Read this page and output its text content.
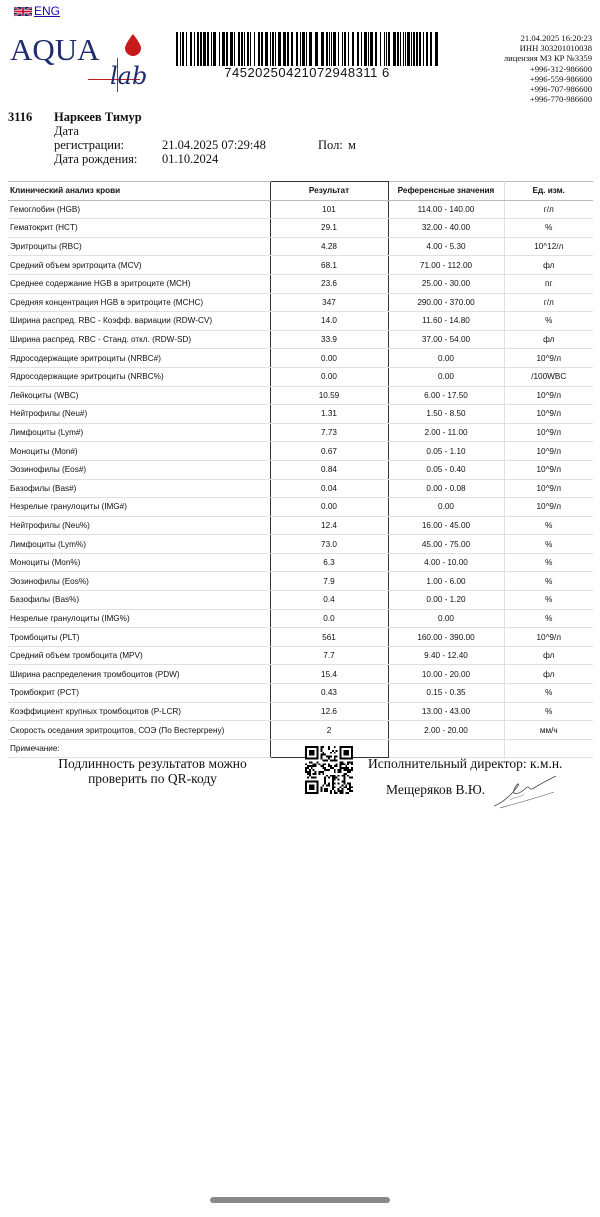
ENG
AQUA
lab	74520250421072948311 6
21.04.2025 16:20:23
ИНН 303201010038
лицензия МЗ КР №3359
+996-312-986600
+996-559-986600
+996-707-986600
+996-770-986600
3116 Наркеев Тимур
Дата
регистрации:	21.04.2025 07:29:48	Пол: м
Дата рождения: 01.10.2024
Клинический анализ крови	Результат	Референсные значения	Ед. изм.
Гемоглобин (HGB)	101	114.00 - 140.00	г/л
Гематокрит (HCT)	29.1	32.00 - 40.00	%
Эритроциты (RBC)	4.28	4.00 - 5.30	10^12/л
Средний объем эритроцита (MCV)	68.1	71.00 - 112.00	фл
Среднее содержание HGB в эритроците (MCH)	23.6	25.00 - 30.00	пг
Средняя концентрация HGB в эритроците (MCHC)	347	290.00 - 370.00	г/л
Ширина распред. RBC - Коэфф. вариации (RDW-CV)	14.0	11.60 - 14.80	%
Ширина распред. RBC - Станд. откл. (RDW-SD)	33.9	37.00 - 54.00	фл
Ядросодержащие эритроциты (NRBC#)	0.00	0.00	10^9/л
Ядросодержащие эритроциты (NRBC%)	0.00	0.00	/100WBC
Лейкоциты (WBC)	10.59	6.00 - 17.50	10^9/л
Нейтрофилы (Neu#)	1.31	1.50 - 8.50	10^9/л
Лимфоциты (Lym#)	7.73	2.00 - 11.00	10^9/л
Моноциты (Mon#)	0.67	0.05 - 1.10	10^9/л
Эозинофилы (Eos#)	0.84	0.05 - 0.40	10^9/л
Базофилы (Bas#)	0.04	0.00 - 0.08	10^9/л
Незрелые гранулоциты (IMG#)	0.00	0.00	10^9/л
Нейтрофилы (Neu%)	12.4	16.00 - 45.00	%
Лимфоциты (Lym%)	73.0	45.00 - 75.00	%
Моноциты (Mon%)	6.3	4.00 - 10.00	%
Эозинофилы (Eos%)	7.9	1.00 - 6.00	%
Базофилы (Bas%)	0.4	0.00 - 1.20	%
Незрелые гранулоциты (IMG%)	0.0	0.00	%
Тромбоциты (PLT)	561	160.00 - 390.00	10^9/л
Средний объем тромбоцита (MPV)	7.7	9.40 - 12.40	фл
Ширина распределения тромбоцитов (PDW)	15.4	10.00 - 20.00	фл
Тромбокрит (PCT)	0.43	0.15 - 0.35	%
Коэффициент крупных тромбоцитов (P-LCR)	12.6	13.00 - 43.00	%
Скорость оседания эритроцитов, СОЭ (По Вестергрену)	2	2.00 - 20.00	мм/ч
Примечание:			
Подлинность результатов можно проверить по QR-коду
Исполнительный директор: к.м.н.
Мещеряков В.Ю.
